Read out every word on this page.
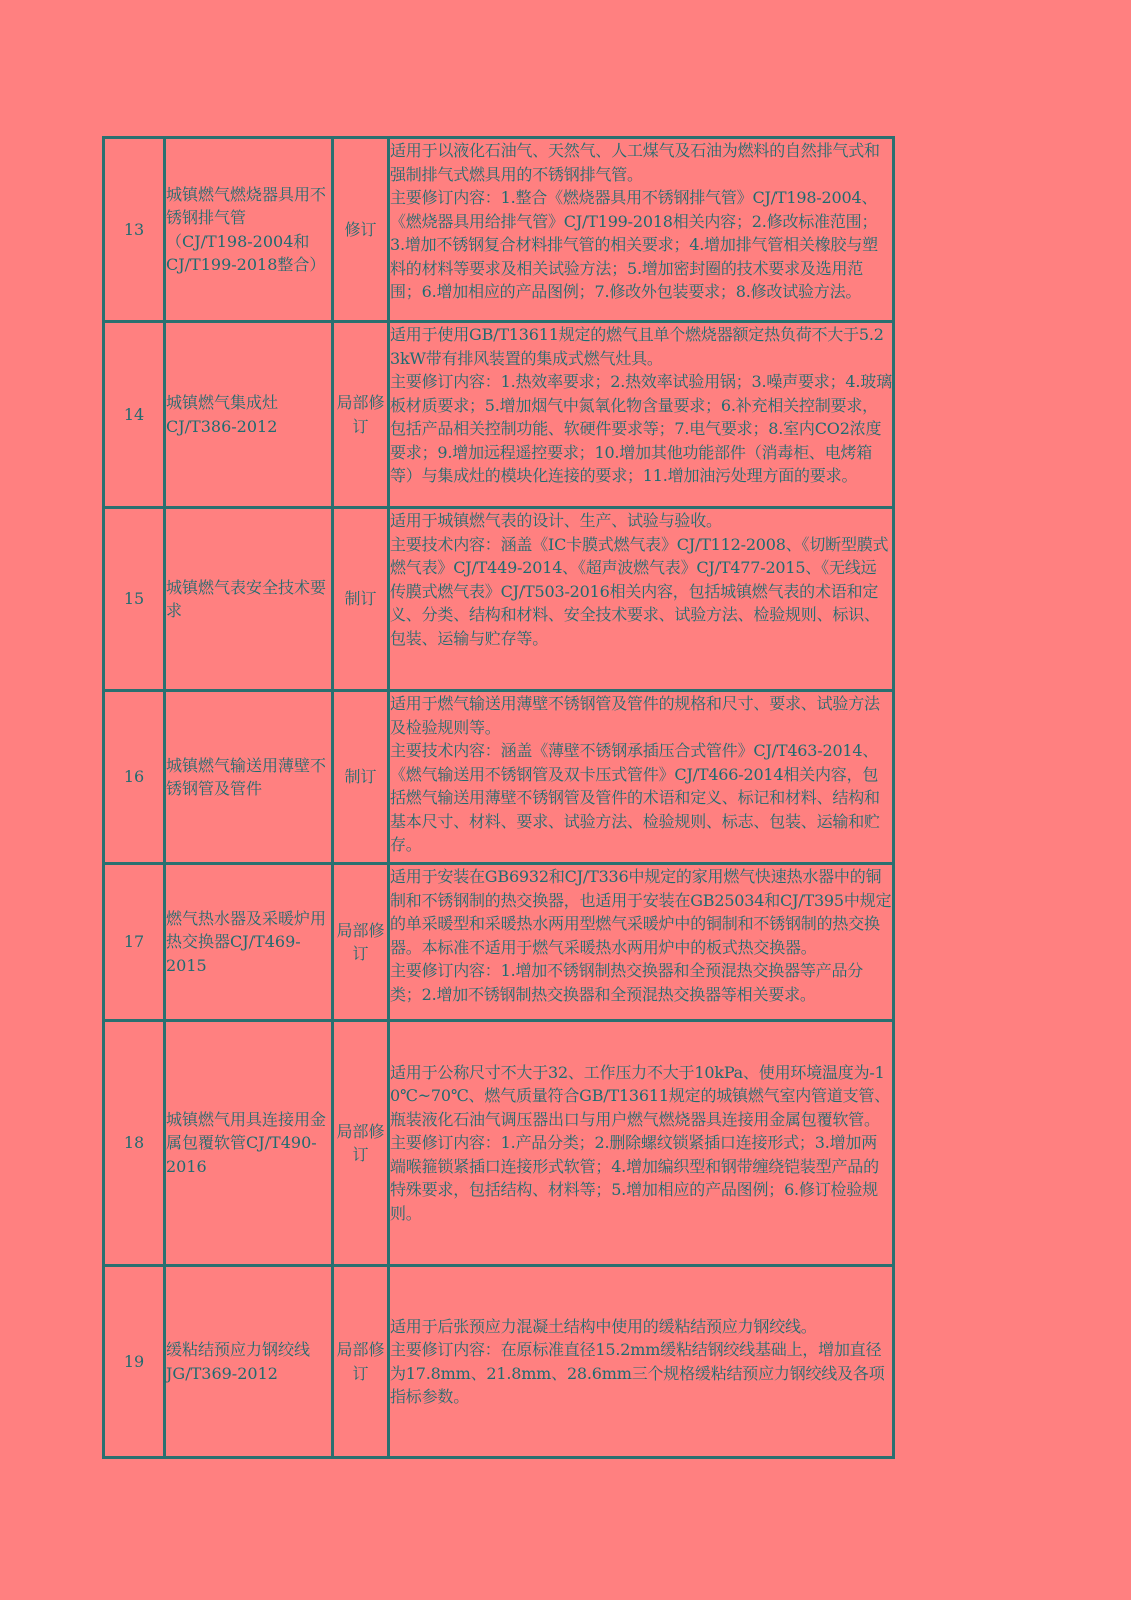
13	城镇燃气燃烧器具用不锈钢排气管（CJ/T198-2004和CJ/T199-2018整合）	修订	适用于以液化石油气、天然气、人工煤气及石油为燃料的自然排气式和强制排气式燃具用的不锈钢排气管。

主要修订内容：1.整合《燃烧器具用不锈钢排气管》CJ/T198-2004、《燃烧器具用给排气管》CJ/T199-2018相关内容；2.修改标准范围；3.增加不锈钢复合材料排气管的相关要求；4.增加排气管相关橡胶与塑料的材料等要求及相关试验方法；5.增加密封圈的技术要求及选用范围；6.增加相应的产品图例；7.修改外包装要求；8.修改试验方法。

14	城镇燃气集成灶CJ/T386-2012	局部修订	适用于使用GB/T13611规定的燃气且单个燃烧器额定热负荷不大于5.23kW带有排风装置的集成式燃气灶具。

主要修订内容：1.热效率要求；2.热效率试验用锅；3.噪声要求；4.玻璃板材质要求；5.增加烟气中氮氧化物含量要求；6.补充相关控制要求，包括产品相关控制功能、软硬件要求等；7.电气要求；8.室内CO2浓度要求；9.增加远程遥控要求；10.增加其他功能部件（消毒柜、电烤箱等）与集成灶的模块化连接的要求；11.增加油污处理方面的要求。

15	城镇燃气表安全技术要求	制订	适用于城镇燃气表的设计、生产、试验与验收。

主要技术内容：涵盖《IC卡膜式燃气表》CJ/T112-2008、《切断型膜式燃气表》CJ/T449-2014、《超声波燃气表》CJ/T477-2015、《无线远传膜式燃气表》CJ/T503-2016相关内容，包括城镇燃气表的术语和定义、分类、结构和材料、安全技术要求、试验方法、检验规则、标识、包装、运输与贮存等。

16	城镇燃气输送用薄壁不锈钢管及管件	制订	适用于燃气输送用薄壁不锈钢管及管件的规格和尺寸、要求、试验方法及检验规则等。

主要技术内容：涵盖《薄壁不锈钢承插压合式管件》CJ/T463-2014、《燃气输送用不锈钢管及双卡压式管件》CJ/T466-2014相关内容，包括燃气输送用薄壁不锈钢管及管件的术语和定义、标记和材料、结构和基本尺寸、材料、要求、试验方法、检验规则、标志、包装、运输和贮存。

17	燃气热水器及采暖炉用热交换器CJ/T469-2015	局部修订	适用于安装在GB6932和CJ/T336中规定的家用燃气快速热水器中的铜制和不锈钢制的热交换器，也适用于安装在GB25034和CJ/T395中规定的单采暖型和采暖热水两用型燃气采暖炉中的铜制和不锈钢制的热交换器。本标准不适用于燃气采暖热水两用炉中的板式热交换器。

主要修订内容：1.增加不锈钢制热交换器和全预混热交换器等产品分类；2.增加不锈钢制热交换器和全预混热交换器等相关要求。

18	城镇燃气用具连接用金属包覆软管CJ/T490-2016	局部修订	适用于公称尺寸不大于32、工作压力不大于10kPa、使用环境温度为-10℃~70℃、燃气质量符合GB/T13611规定的城镇燃气室内管道支管、瓶装液化石油气调压器出口与用户燃气燃烧器具连接用金属包覆软管。

主要修订内容：1.产品分类；2.删除螺纹锁紧插口连接形式；3.增加两端喉箍锁紧插口连接形式软管；4.增加编织型和钢带缠绕铠装型产品的特殊要求，包括结构、材料等；5.增加相应的产品图例；6.修订检验规则。

19	缓粘结预应力钢绞线JG/T369-2012	局部修订	适用于后张预应力混凝土结构中使用的缓粘结预应力钢绞线。

主要修订内容：在原标准直径15.2mm缓粘结钢绞线基础上，增加直径为17.8mm、21.8mm、28.6mm三个规格缓粘结预应力钢绞线及各项指标参数。
